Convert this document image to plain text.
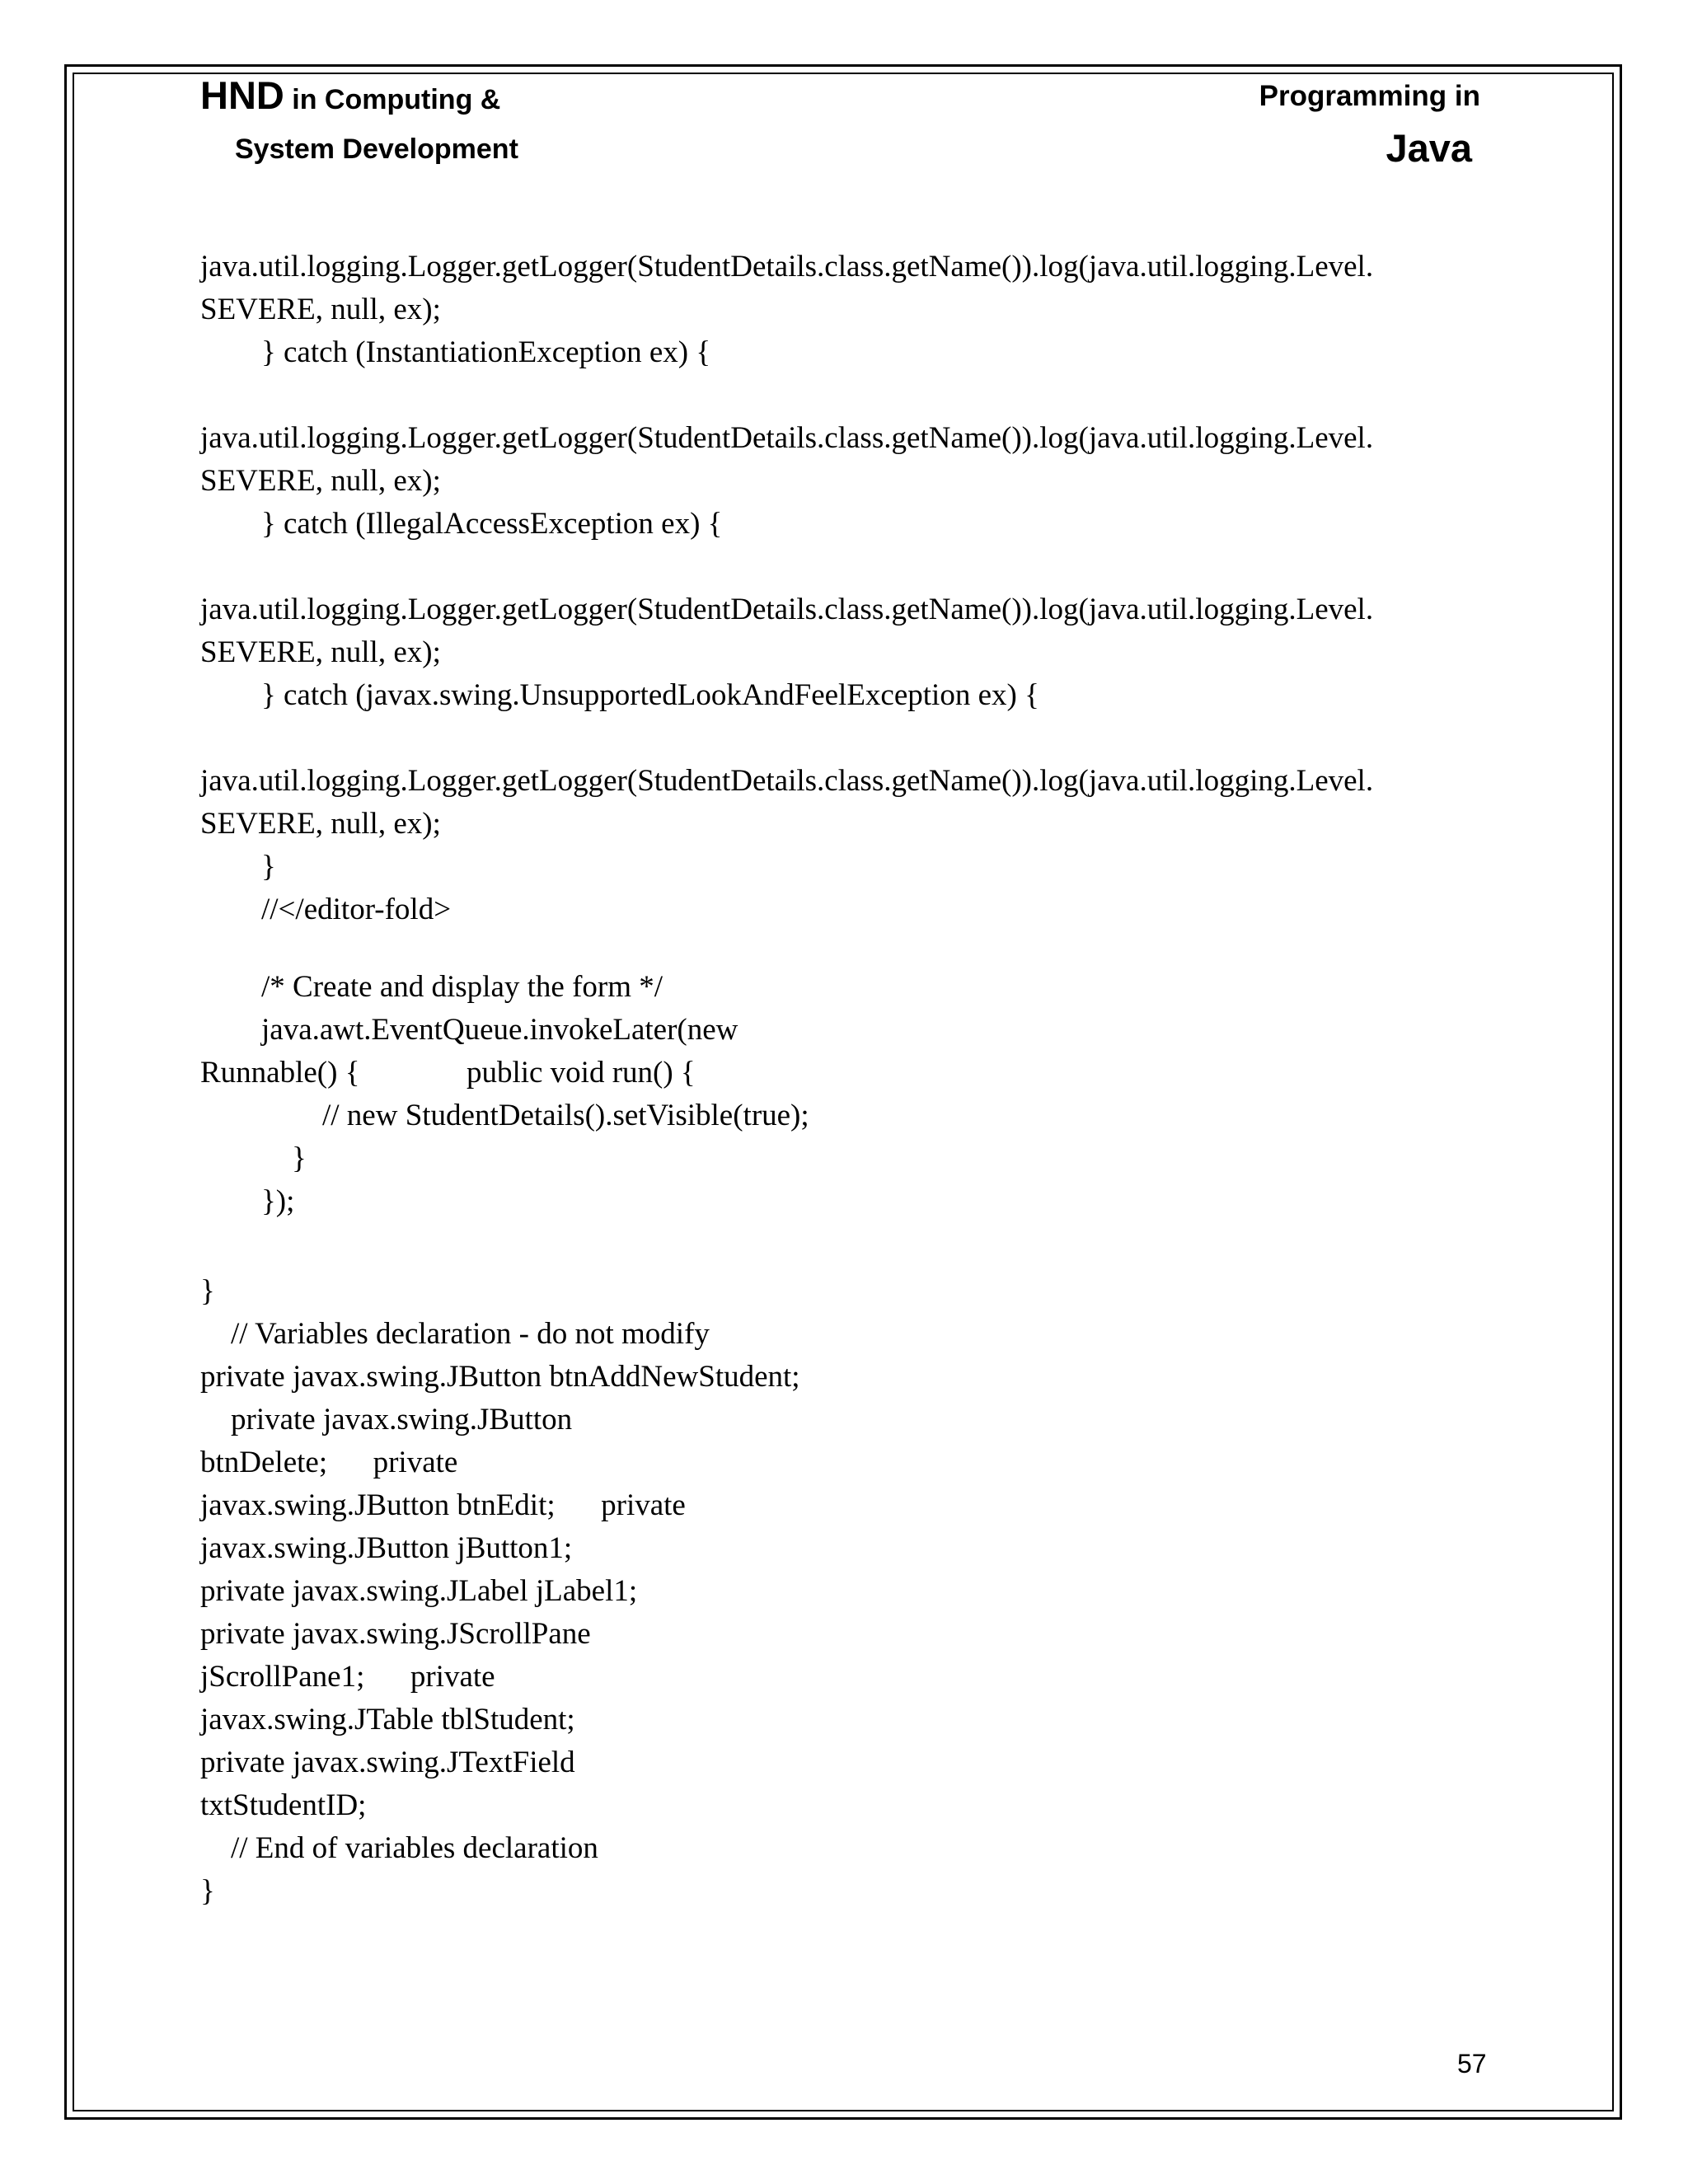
HND in Computing &
System Development
Programming in
Java
java.util.logging.Logger.getLogger(StudentDetails.class.getName()).log(java.util.logging.Level.
SEVERE, null, ex);
} catch (InstantiationException ex) {
java.util.logging.Logger.getLogger(StudentDetails.class.getName()).log(java.util.logging.Level.
SEVERE, null, ex);
} catch (IllegalAccessException ex) {
java.util.logging.Logger.getLogger(StudentDetails.class.getName()).log(java.util.logging.Level.
SEVERE, null, ex);
} catch (javax.swing.UnsupportedLookAndFeelException ex) {
java.util.logging.Logger.getLogger(StudentDetails.class.getName()).log(java.util.logging.Level.
SEVERE, null, ex);
}
//</editor-fold>
/* Create and display the form */
java.awt.EventQueue.invokeLater(new
Runnable() {              public void run() {
// new StudentDetails().setVisible(true);
}
});
}
// Variables declaration - do not modify
private javax.swing.JButton btnAddNewStudent;
private javax.swing.JButton
btnDelete;      private
javax.swing.JButton btnEdit;      private
javax.swing.JButton jButton1;
private javax.swing.JLabel jLabel1;
private javax.swing.JScrollPane
jScrollPane1;      private
javax.swing.JTable tblStudent;
private javax.swing.JTextField
txtStudentID;
// End of variables declaration
}
57
